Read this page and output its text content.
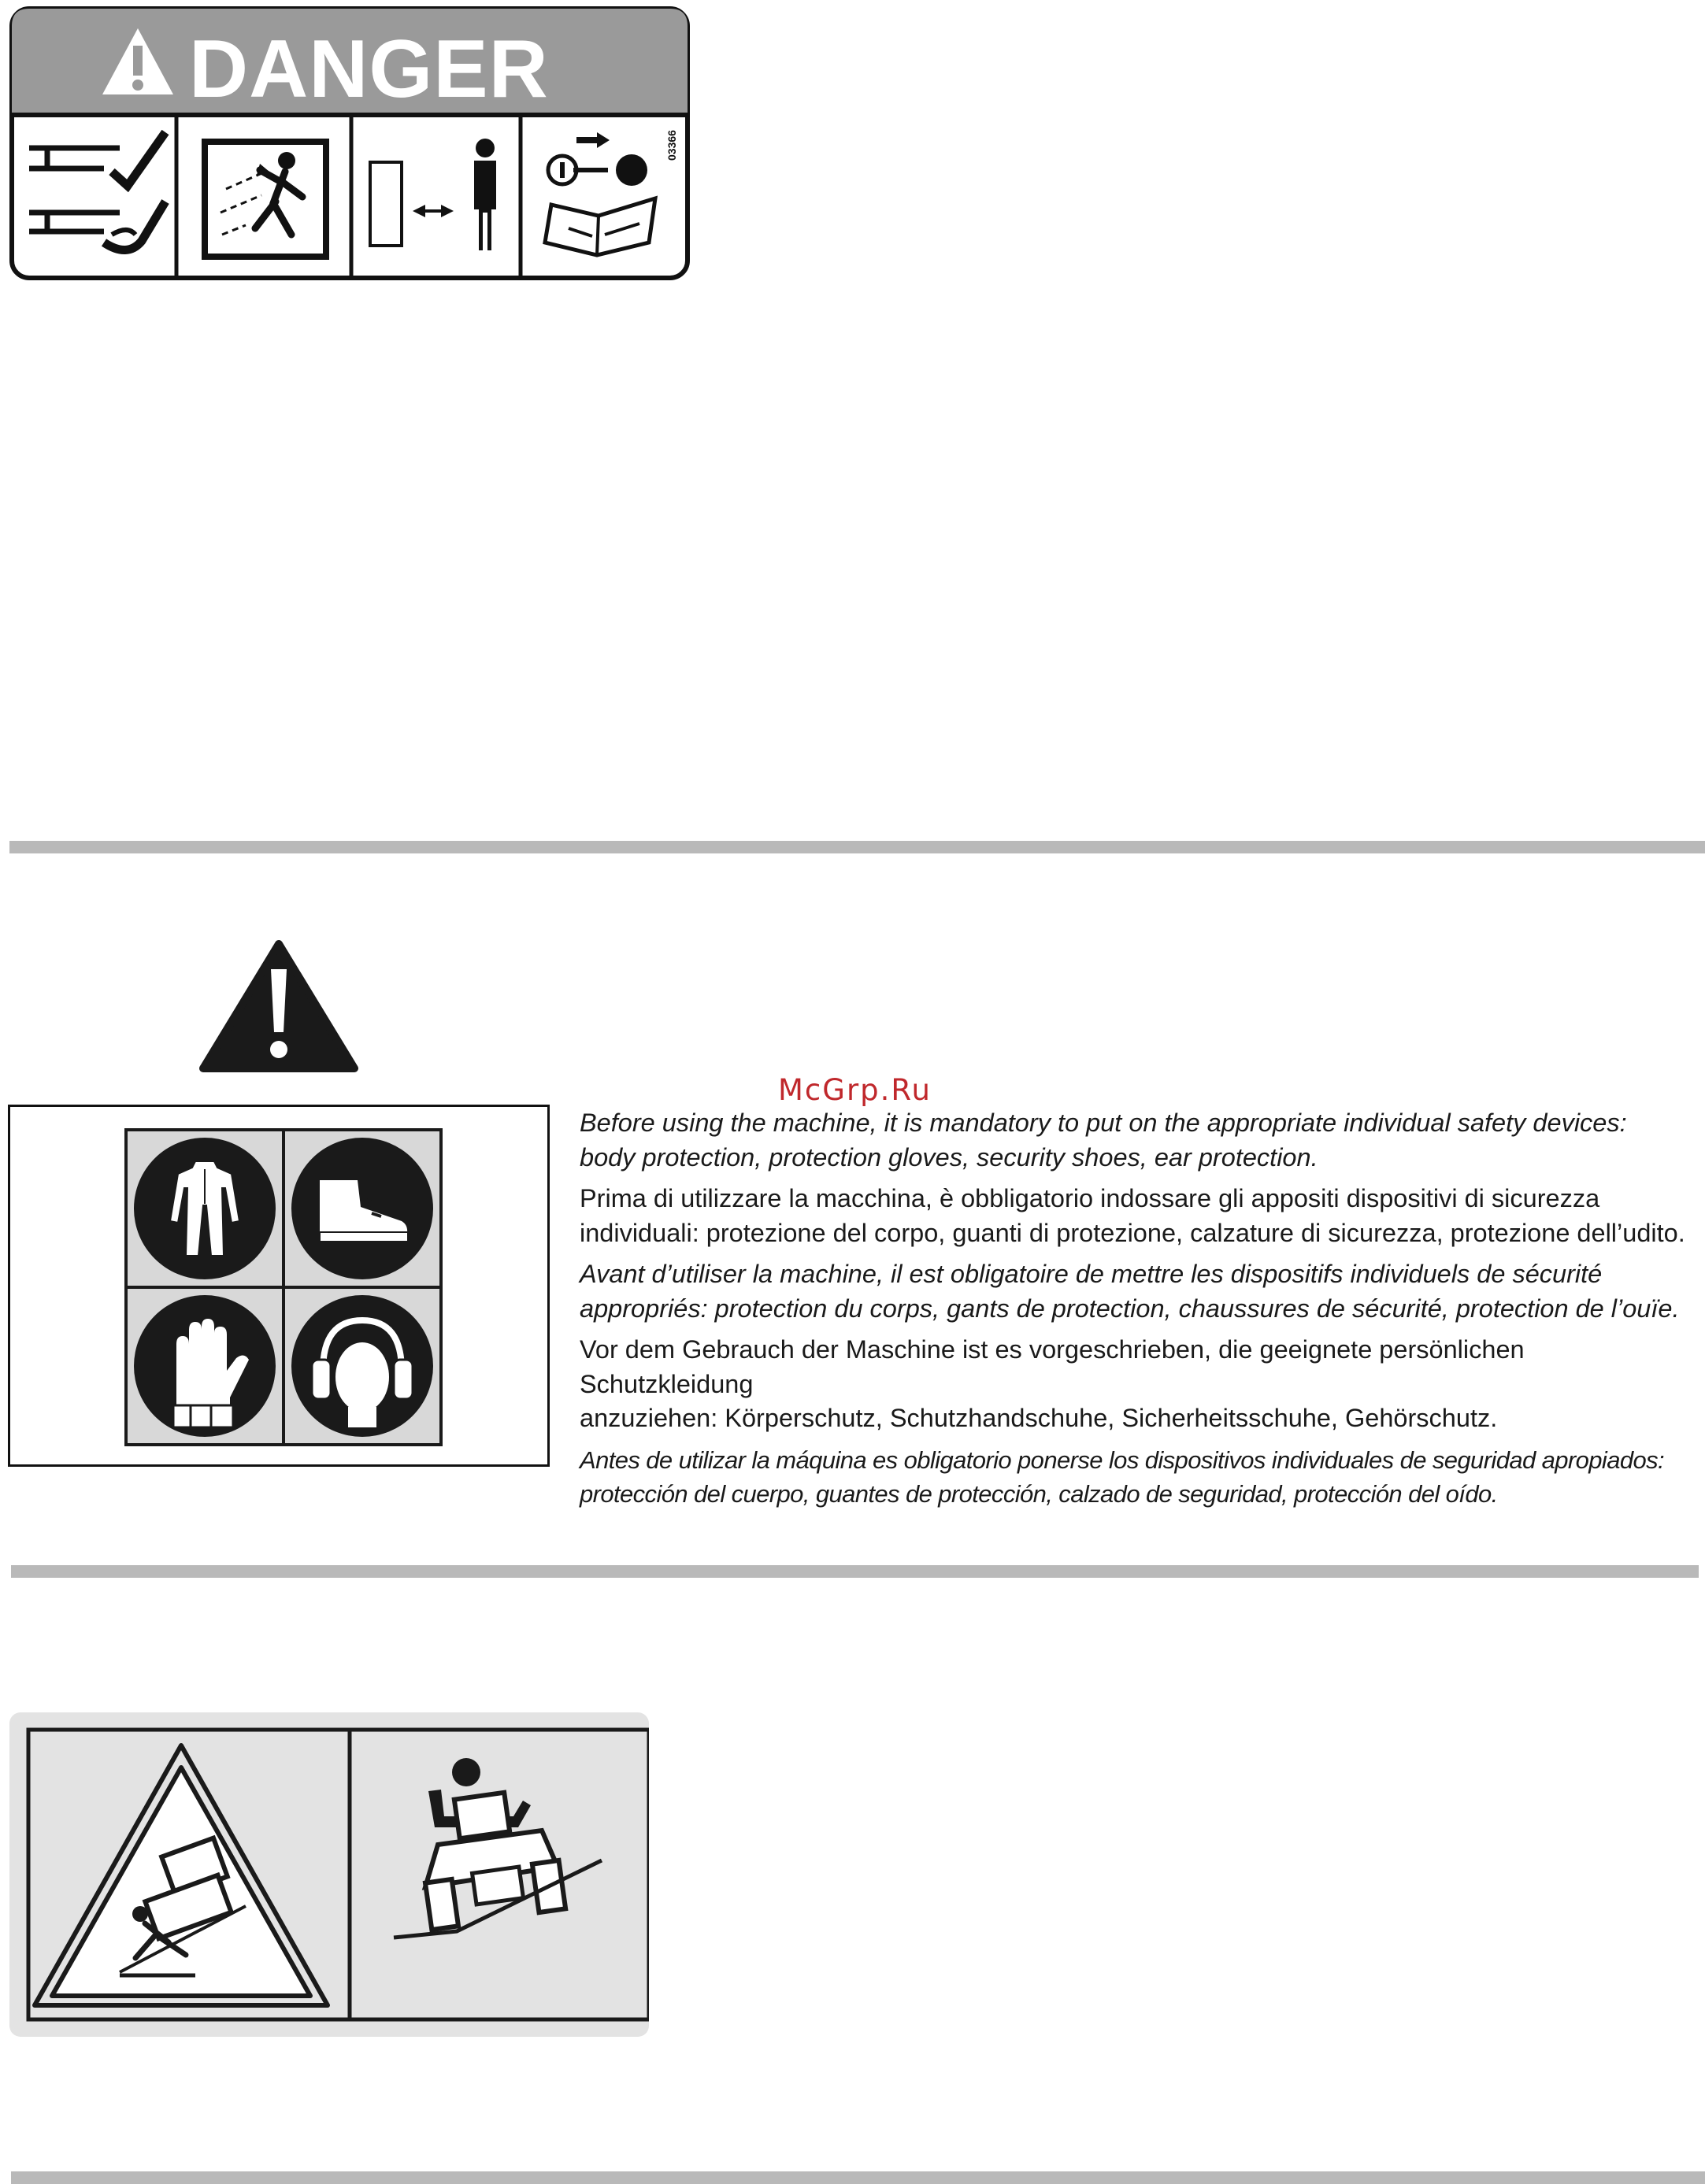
DANGER
03366
McGrp.Ru

Before using the machine, it is mandatory to put on the appropriate individual safety devices:
body protection, protection gloves, security shoes, ear protection.

Prima di utilizzare la macchina, è obbligatorio indossare gli appositi dispositivi di sicurezza
individuali: protezione del corpo, guanti di protezione, calzature di sicurezza, protezione dell’udito.

Avant d’utiliser la machine, il est obligatoire de mettre les dispositifs individuels de sécurité
appropriés: protection du corps, gants de protection, chaussures de sécurité, protection de l’ouïe.

Vor dem Gebrauch der Maschine ist es vorgeschrieben, die geeignete persönlichen Schutzkleidung
anzuziehen: Körperschutz, Schutzhandschuhe, Sicherheitsschuhe, Gehörschutz.

Antes de utilizar la máquina es obligatorio ponerse los dispositivos individuales de seguridad apropiados:
protección del cuerpo, guantes de protección, calzado de seguridad, protección del oído.
